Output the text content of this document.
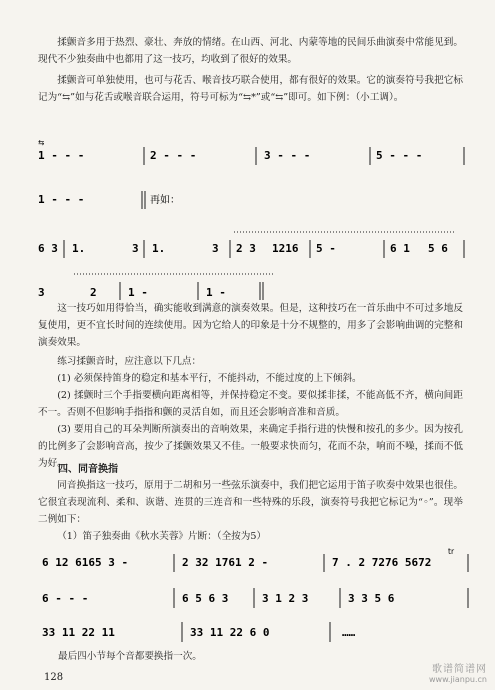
揉颤音多用于热烈、豪壮、奔放的情绪。在山西、河北、内蒙等地的民间乐曲演奏中常能见到。现代不少独奏曲中也都用了这一技巧，均收到了很好的效果。
揉颤音可单独使用，也可与花舌、喉音技巧联合使用，都有很好的效果。它的演奏符号我把它标记为“⇆”如与花舌或喉音联合运用，符号可标为“⇆*”或“⇆”即可。如下例：（小工调）。
⇆
1 - - -	2 - - -	3 - - -	5 - - -
1 - - -	再如：
6 3 1.	3 1.	3 2 3 1216 5 -	6 1 5 6
3	2	1 -	1 -
这一技巧如用得恰当，确实能收到满意的演奏效果。但是，这种技巧在一首乐曲中不可过多地反复使用，更不宜长时间的连续使用。因为它给人的印象是十分不规整的，用多了会影响曲调的完整和演奏效果。
练习揉颤音时，应注意以下几点：
(1) 必须保持笛身的稳定和基本平行，不能抖动，不能过度的上下倾斜。
(2) 揉颤时三个手指要横向距离相等，并保持稳定不变。要似揉非揉，不能高低不齐，横向间距不一。否则不但影响手指指和颤的灵活自如，而且还会影响音准和音质。
(3) 要用自己的耳朵判断所演奏出的音响效果，来确定手指行进的快慢和按孔的多少。因为按孔的比例多了会影响音高，按少了揉颤效果又不佳。一般要求快而匀，花而不杂，响而不噪，揉而不低为好。
四、同音换指
同音换指这一技巧，原用于二胡和另一些弦乐演奏中，我们把它运用于笛子吹奏中效果也很佳。它很宜表现流利、柔和、诙谐、连贯的三连音和一些特殊的乐段，演奏符号我把它标记为“◦”。现举二例如下：
（1）笛子独奏曲《秋水芙蓉》片断：（全按为5）
6 12 6165 3 -	2 32 1761 2 -	7 . 2 7276 5672
tr
6 - - -	6 5 6 3	3 1 2 3	3 3 5 6
33 11 22 11	33 11 22 6 0	……
最后四小节每个音都要换指一次。
128
歌谱简谱网
www.jianpu.cn
